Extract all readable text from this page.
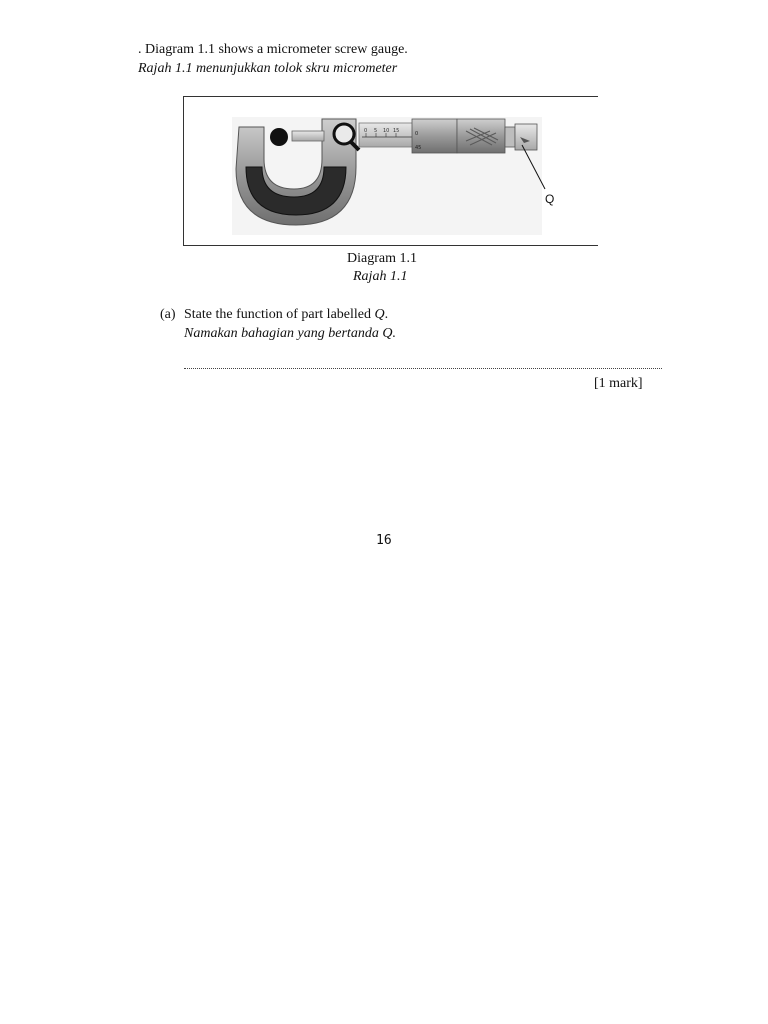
. Diagram 1.1 shows a micrometer screw gauge.
Rajah 1.1 menunjukkan tolok skru micrometer
0 5 10 15	0
45
Q
Diagram 1.1
Rajah 1.1
(a) State the function of part labelled Q.
Namakan bahagian yang bertanda Q.
[1 mark]
16
